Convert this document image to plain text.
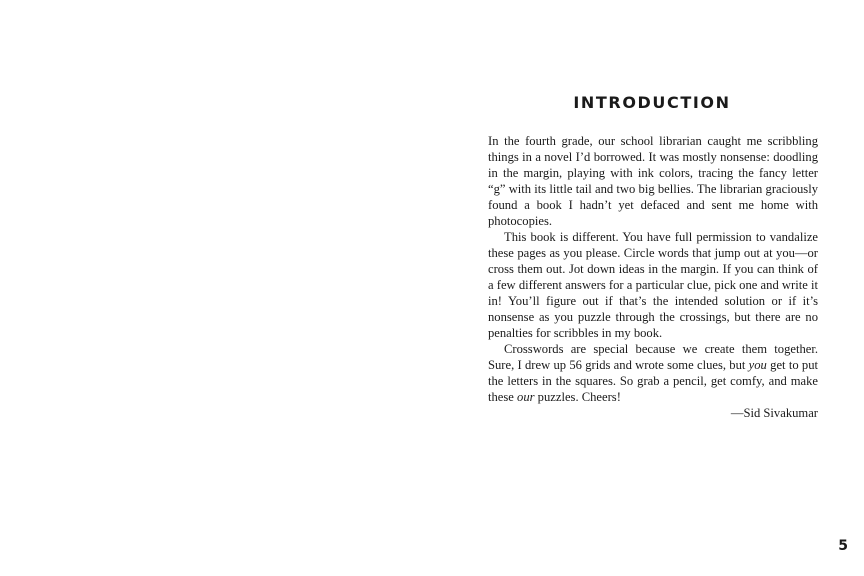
INTRODUCTION

In the fourth grade, our school librarian caught me scribbling things in a novel I’d borrowed. It was mostly nonsense: doodling in the margin, playing with ink colors, tracing the fancy letter “g” with its little tail and two big bellies. The librarian graciously found a book I hadn’t yet defaced and sent me home with photocopies.

This book is different. You have full permission to vandalize these pages as you please. Circle words that jump out at you—or cross them out. Jot down ideas in the margin. If you can think of a few different answers for a particular clue, pick one and write it in! You’ll figure out if that’s the intended solution or if it’s nonsense as you puzzle through the crossings, but there are no penalties for scribbles in my book.

Crosswords are special because we create them together. Sure, I drew up 56 grids and wrote some clues, but you get to put the letters in the squares. So grab a pencil, get comfy, and make these our puzzles. Cheers!

—Sid Sivakumar

5
